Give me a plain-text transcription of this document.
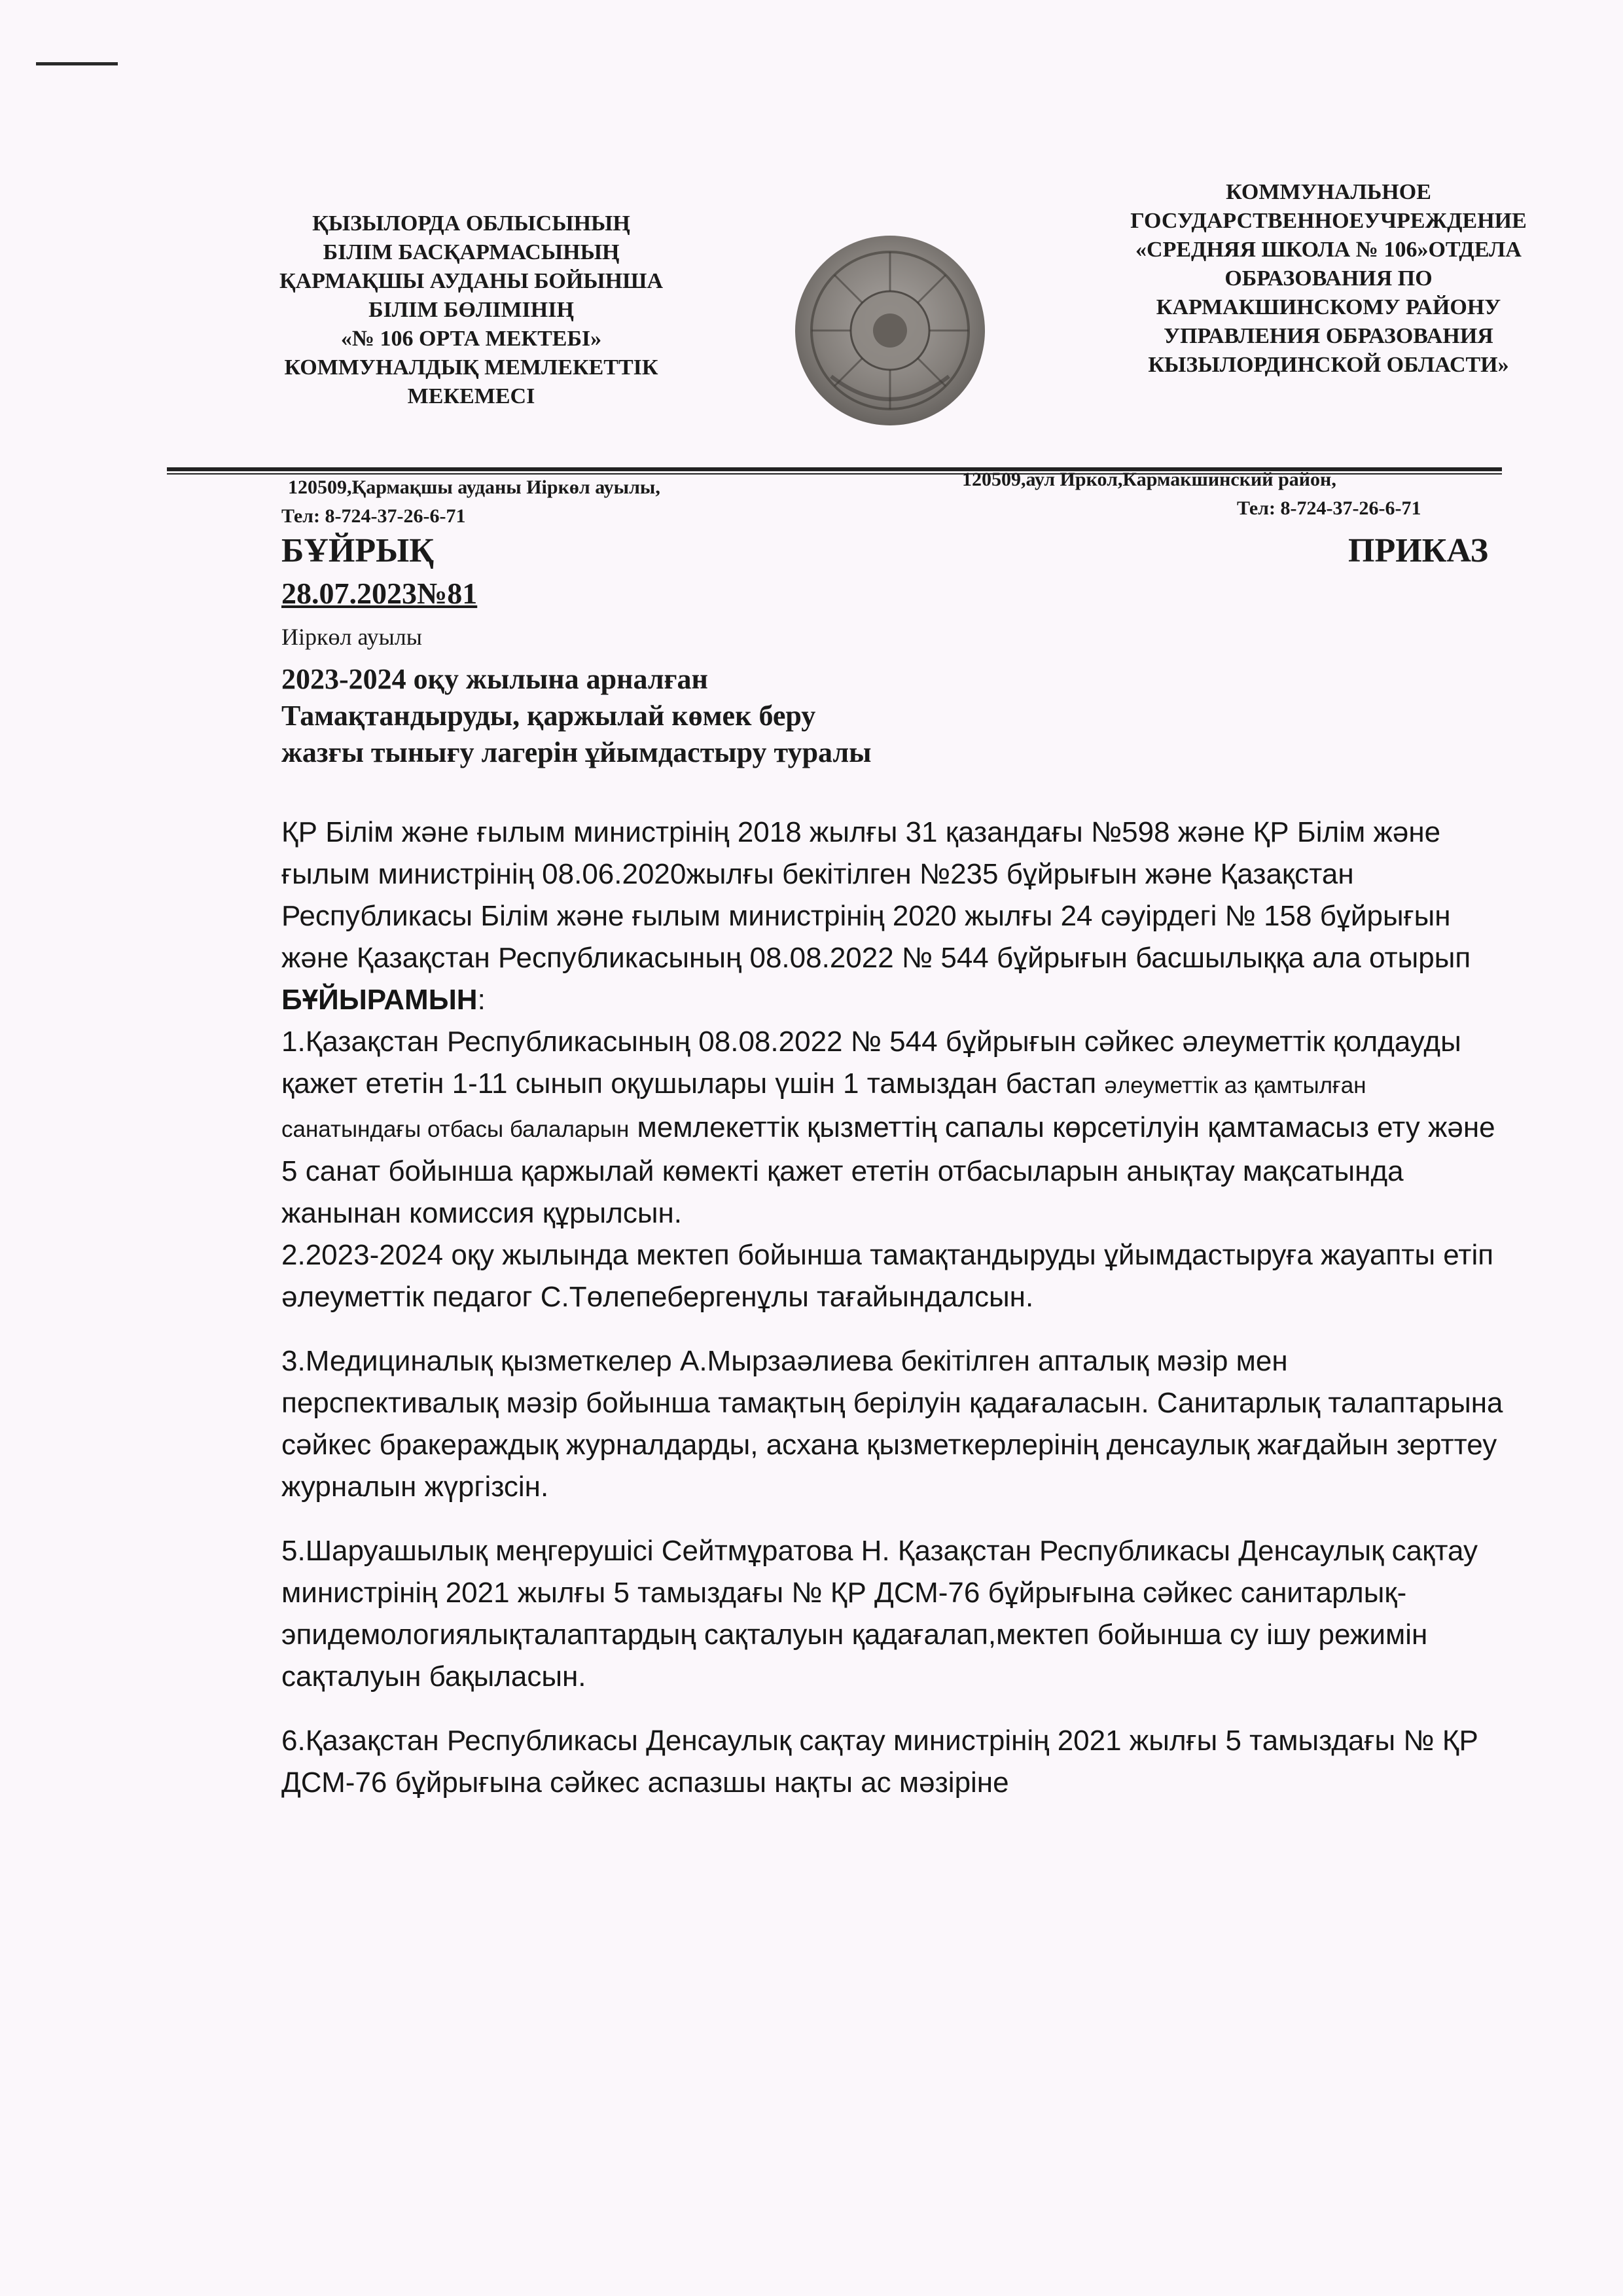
ҚЫЗЫЛОРДА ОБЛЫСЫНЫҢ
БІЛІМ БАСҚАРМАСЫНЫҢ
ҚАРМАҚШЫ АУДАНЫ БОЙЫНША
БІЛІМ БӨЛІМІНІҢ
«№ 106 ОРТА МЕКТЕБІ»
КОММУНАЛДЫҚ МЕМЛЕКЕТТІК
МЕКЕМЕСІ
КОММУНАЛЬНОЕ
ГОСУДАРСТВЕННОЕУЧРЕЖДЕНИЕ
«СРЕДНЯЯ ШКОЛА № 106»ОТДЕЛА
ОБРАЗОВАНИЯ ПО
КАРМАКШИНСКОМУ РАЙОНУ
УПРАВЛЕНИЯ ОБРАЗОВАНИЯ
КЫЗЫЛОРДИНСКОЙ ОБЛАСТИ»
120509,Қармақшы ауданы Иіркөл ауылы,
Тел: 8-724-37-26-6-71
120509,аул Иркол,Кармакшинский район,
Тел: 8-724-37-26-6-71
БҰЙРЫҚ	ПРИКАЗ
28.07.2023№81
Иіркөл ауылы
2023-2024 оқу жылына арналған
Тамақтандыруды, қаржылай көмек беру
жазғы тынығу лагерін ұйымдастыру туралы

ҚР Білім және ғылым министрінің 2018 жылғы 31 қазандағы №598 және ҚР Білім және ғылым министрінің 08.06.2020жылғы бекітілген №235 бұйрығын және Қазақстан Республикасы Білім және ғылым министрінің 2020 жылғы 24 сәуірдегі № 158 бұйрығын және Қазақстан Республикасының 08.08.2022 № 544 бұйрығын басшылыққа ала отырып БҰЙЫРАМЫН:

1.Қазақстан Республикасының 08.08.2022 № 544 бұйрығын сәйкес әлеуметтік қолдауды қажет ететін 1-11 сынып оқушылары үшін 1 тамыздан бастап әлеуметтік аз қамтылған санатындағы отбасы балаларын мемлекеттік қызметтің сапалы көрсетілуін қамтамасыз ету және 5 санат бойынша қаржылай көмекті қажет ететін отбасыларын анықтау мақсатында жанынан комиссия құрылсын.

2.2023-2024 оқу жылында мектеп бойынша тамақтандыруды ұйымдастыруға жауапты етіп әлеуметтік педагог С.Төлепебергенұлы тағайындалсын.

3.Медициналық қызметкелер А.Мырзаәлиева бекітілген апталық мәзір мен перспективалық мәзір бойынша тамақтың берілуін қадағаласын. Санитарлық талаптарына сәйкес бракераждық журналдарды, асхана қызметкерлерінің денсаулық жағдайын зерттеу журналын жүргізсін.

5.Шаруашылық меңгерушісі Сейтмұратова Н. Қазақстан Республикасы Денсаулық сақтау министрінің 2021 жылғы 5 тамыздағы № ҚР ДСМ-76 бұйрығына сәйкес санитарлық- эпидемологиялықталаптардың сақталуын қадағалап,мектеп бойынша су ішу режимін сақталуын бақыласын.

6.Қазақстан Республикасы Денсаулық сақтау министрінің 2021 жылғы 5 тамыздағы № ҚР ДСМ-76 бұйрығына сәйкес аспазшы нақты ас мәзіріне
